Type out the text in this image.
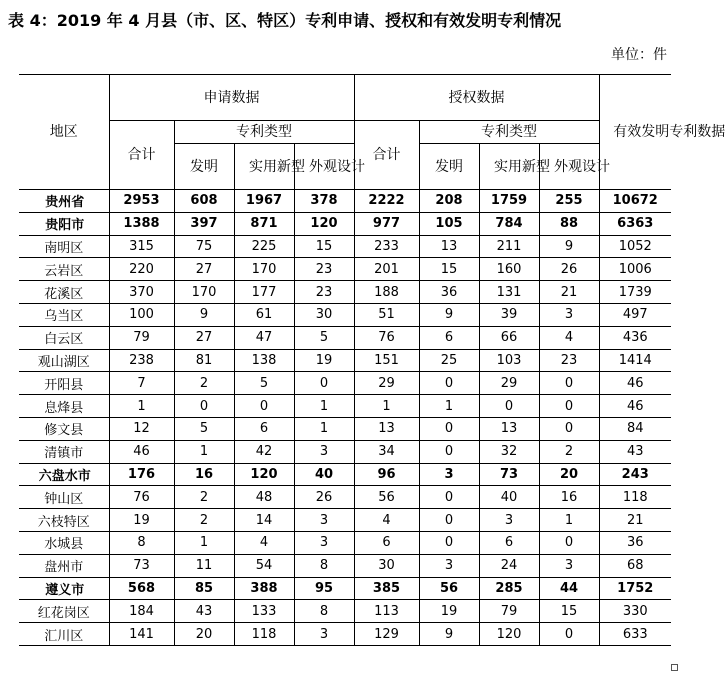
表 4：2019 年 4 月县（市、区、特区）专利申请、授权和有效发明专利情况
单位：件
地区	申请数据				授权数据				有效发明专利数据

	合计	专利类型			合计	专利类型			
		发明	实用新型	外观设计		发明	实用新型	外观设计	

贵州省	2953	608	1967	378	2222	208	1759	255	10672
贵阳市	1388	397	871	120	977	105	784	88	6363
南明区	315	75	225	15	233	13	211	9	1052
云岩区	220	27	170	23	201	15	160	26	1006
花溪区	370	170	177	23	188	36	131	21	1739
乌当区	100	9	61	30	51	9	39	3	497
白云区	79	27	47	5	76	6	66	4	436
观山湖区	238	81	138	19	151	25	103	23	1414
开阳县	7	2	5	0	29	0	29	0	46
息烽县	1	0	0	1	1	1	0	0	46
修文县	12	5	6	1	13	0	13	0	84
清镇市	46	1	42	3	34	0	32	2	43
六盘水市	176	16	120	40	96	3	73	20	243
钟山区	76	2	48	26	56	0	40	16	118
六枝特区	19	2	14	3	4	0	3	1	21
水城县	8	1	4	3	6	0	6	0	36
盘州市	73	11	54	8	30	3	24	3	68
遵义市	568	85	388	95	385	56	285	44	1752
红花岗区	184	43	133	8	113	19	79	15	330
汇川区	141	20	118	3	129	9	120	0	633
